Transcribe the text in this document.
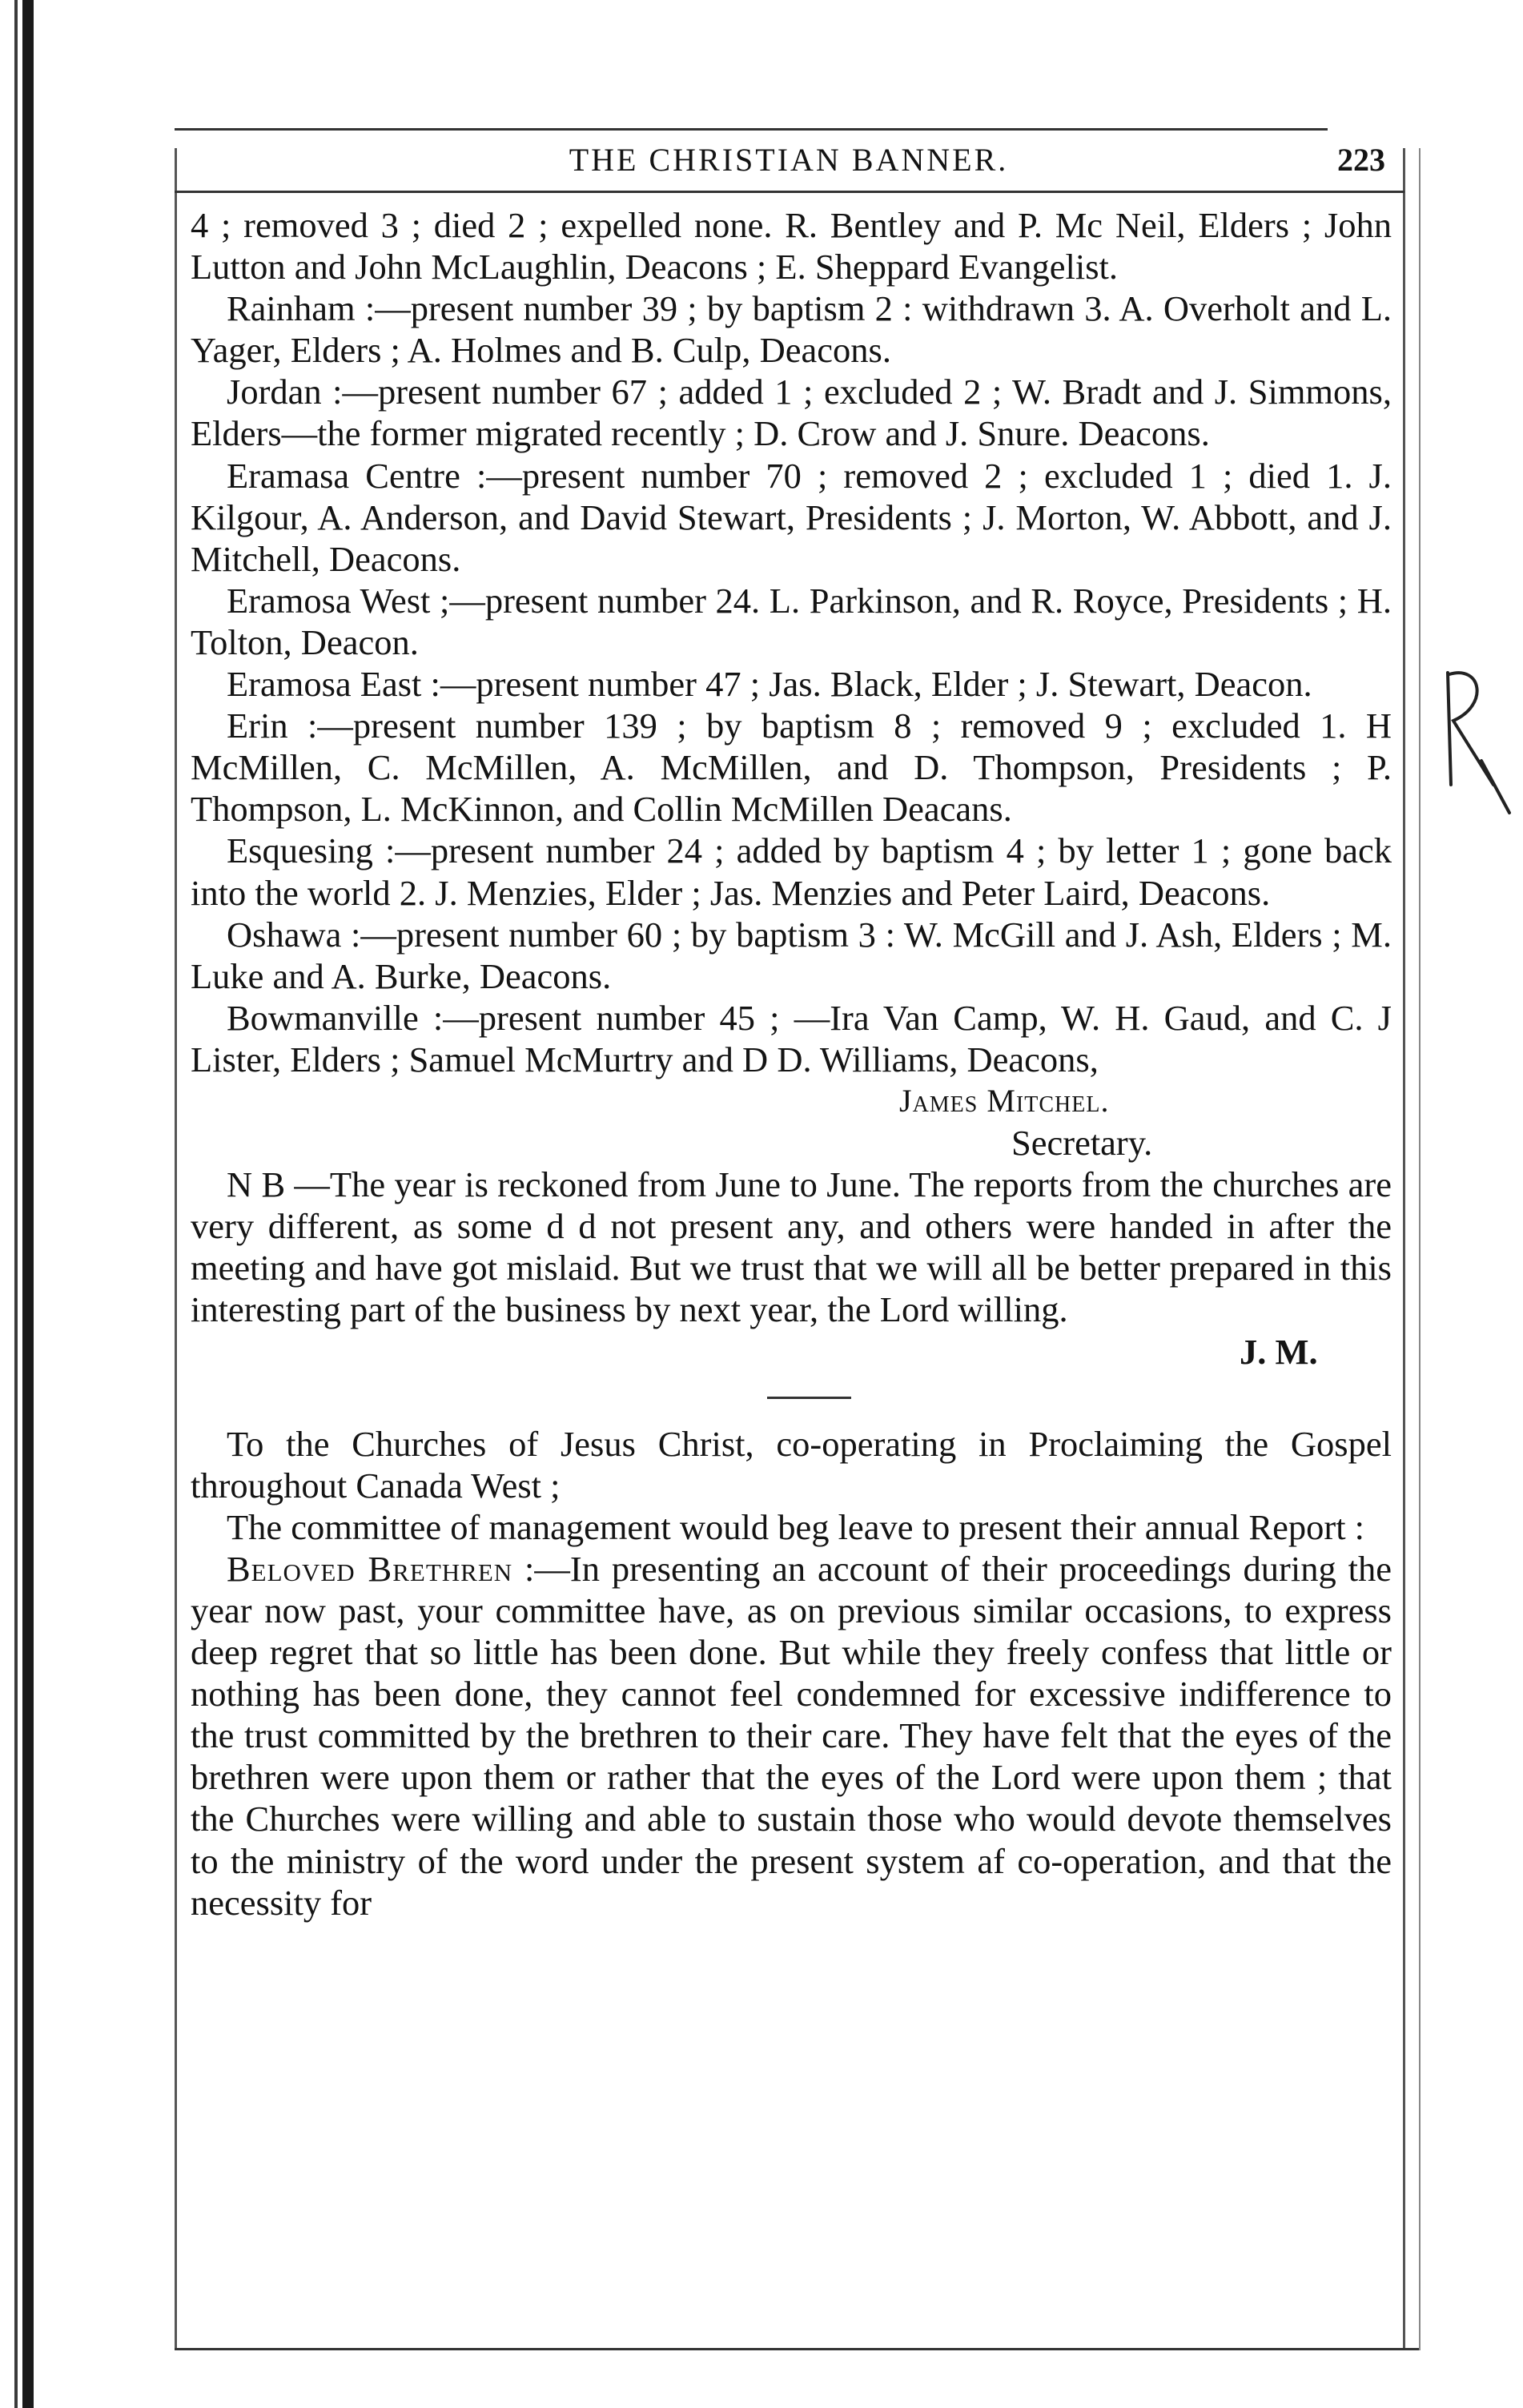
THE CHRISTIAN BANNER.	223

4 ; removed 3 ; died 2 ; expelled none. R. Bentley and P. Mc Neil, Elders ; John Lutton and John McLaughlin, Deacons ; E. Sheppard Evangelist.

Rainham :—present number 39 ; by baptism 2 : withdrawn 3. A. Overholt and L. Yager, Elders ; A. Holmes and B. Culp, Deacons.

Jordan :—present number 67 ; added 1 ; excluded 2 ; W. Bradt and J. Simmons, Elders—the former migrated recently ; D. Crow and J. Snure. Deacons.

Eramasa Centre :—present number 70 ; removed 2 ; excluded 1 ; died 1. J. Kilgour, A. Anderson, and David Stewart, Presidents ; J. Morton, W. Abbott, and J. Mitchell, Deacons.

Eramosa West ;—present number 24. L. Parkinson, and R. Royce, Presidents ; H. Tolton, Deacon.

Eramosa East :—present number 47 ; Jas. Black, Elder ; J. Stewart, Deacon.

Erin :—present number 139 ; by baptism 8 ; removed 9 ; excluded 1. H McMillen, C. McMillen, A. McMillen, and D. Thompson, Presidents ; P. Thompson, L. McKinnon, and Collin McMillen Deacans.

Esquesing :—present number 24 ; added by baptism 4 ; by letter 1 ; gone back into the world 2. J. Menzies, Elder ; Jas. Menzies and Peter Laird, Deacons.

Oshawa :—present number 60 ; by baptism 3 : W. McGill and J. Ash, Elders ; M. Luke and A. Burke, Deacons.

Bowmanville :—present number 45 ; —Ira Van Camp, W. H. Gaud, and C. J Lister, Elders ; Samuel McMurtry and D D. Williams, Deacons,

James Mitchel.

Secretary.

N B —The year is reckoned from June to June. The reports from the churches are very different, as some d d not present any, and others were handed in after the meeting and have got mislaid. But we trust that we will all be better prepared in this interesting part of the business by next year, the Lord willing.

J. M.

To the Churches of Jesus Christ, co-operating in Proclaiming the Gospel throughout Canada West ;

The committee of management would beg leave to present their annual Report :

Beloved Brethren :—In presenting an account of their proceedings during the year now past, your committee have, as on previous similar occasions, to express deep regret that so little has been done. But while they freely confess that little or nothing has been done, they cannot feel condemned for excessive indifference to the trust committed by the brethren to their care. They have felt that the eyes of the brethren were upon them or rather that the eyes of the Lord were upon them ; that the Churches were willing and able to sustain those who would devote themselves to the ministry of the word under the present system af co-operation, and that the necessity for
